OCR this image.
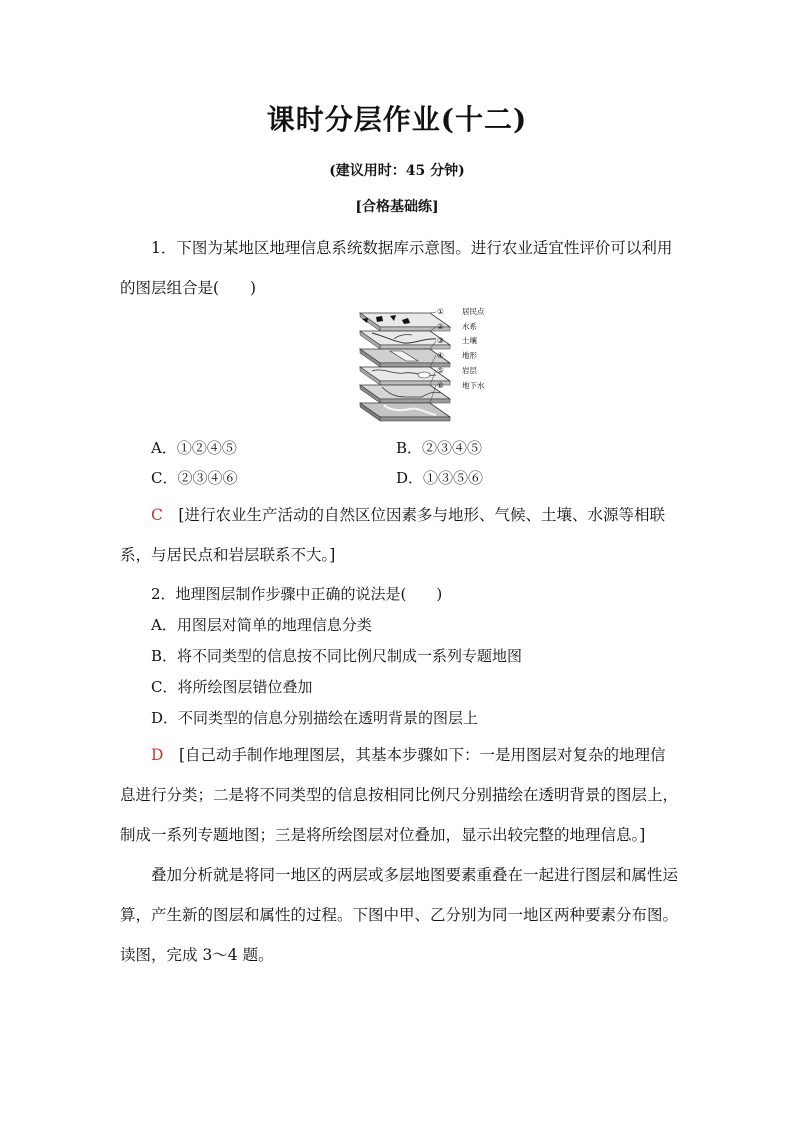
课时分层作业(十二)
(建议用时：45 分钟)
[合格基础练]
1．下图为某地区地理信息系统数据库示意图。进行农业适宜性评价可以利用的图层组合是(　　)
① 居民点
② 水系
③ 土壤
④ 地形
⑤ 岩层
⑥ 地下水
A．①②④⑤	B．②③④⑤
C．②③④⑥	D．①③⑤⑥
C　 [进行农业生产活动的自然区位因素多与地形、气候、土壤、水源等相联系，与居民点和岩层联系不大。]
2．地理图层制作步骤中正确的说法是(　　)
A．用图层对简单的地理信息分类
B．将不同类型的信息按不同比例尺制成一系列专题地图
C．将所绘图层错位叠加
D．不同类型的信息分别描绘在透明背景的图层上
D　 [自己动手制作地理图层，其基本步骤如下：一是用图层对复杂的地理信息进行分类；二是将不同类型的信息按相同比例尺分别描绘在透明背景的图层上，制成一系列专题地图；三是将所绘图层对位叠加，显示出较完整的地理信息。]
叠加分析就是将同一地区的两层或多层地图要素重叠在一起进行图层和属性运算，产生新的图层和属性的过程。下图中甲、乙分别为同一地区两种要素分布图。读图，完成 3～4 题。
